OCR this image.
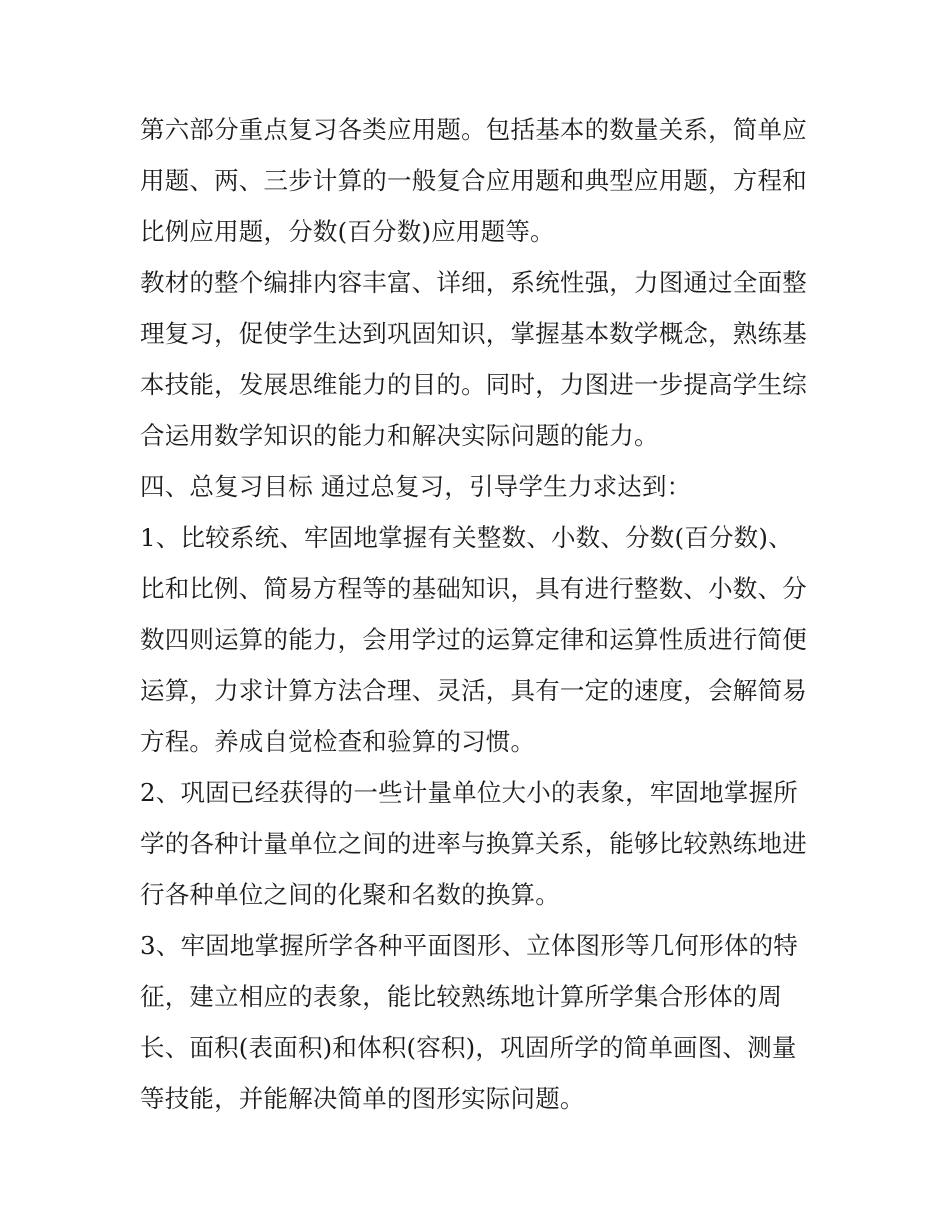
第六部分重点复习各类应用题。包括基本的数量关系，简单应
用题、两、三步计算的一般复合应用题和典型应用题，方程和
比例应用题，分数(百分数)应用题等。
教材的整个编排内容丰富、详细，系统性强，力图通过全面整
理复习，促使学生达到巩固知识，掌握基本数学概念，熟练基
本技能，发展思维能力的目的。同时，力图进一步提高学生综
合运用数学知识的能力和解决实际问题的能力。
四、总复习目标 通过总复习，引导学生力求达到：
1、比较系统、牢固地掌握有关整数、小数、分数(百分数)、
比和比例、简易方程等的基础知识，具有进行整数、小数、分
数四则运算的能力，会用学过的运算定律和运算性质进行简便
运算，力求计算方法合理、灵活，具有一定的速度，会解简易
方程。养成自觉检查和验算的习惯。
2、巩固已经获得的一些计量单位大小的表象，牢固地掌握所
学的各种计量单位之间的进率与换算关系，能够比较熟练地进
行各种单位之间的化聚和名数的换算。
3、牢固地掌握所学各种平面图形、立体图形等几何形体的特
征，建立相应的表象，能比较熟练地计算所学集合形体的周
长、面积(表面积)和体积(容积)，巩固所学的简单画图、测量
等技能，并能解决简单的图形实际问题。
